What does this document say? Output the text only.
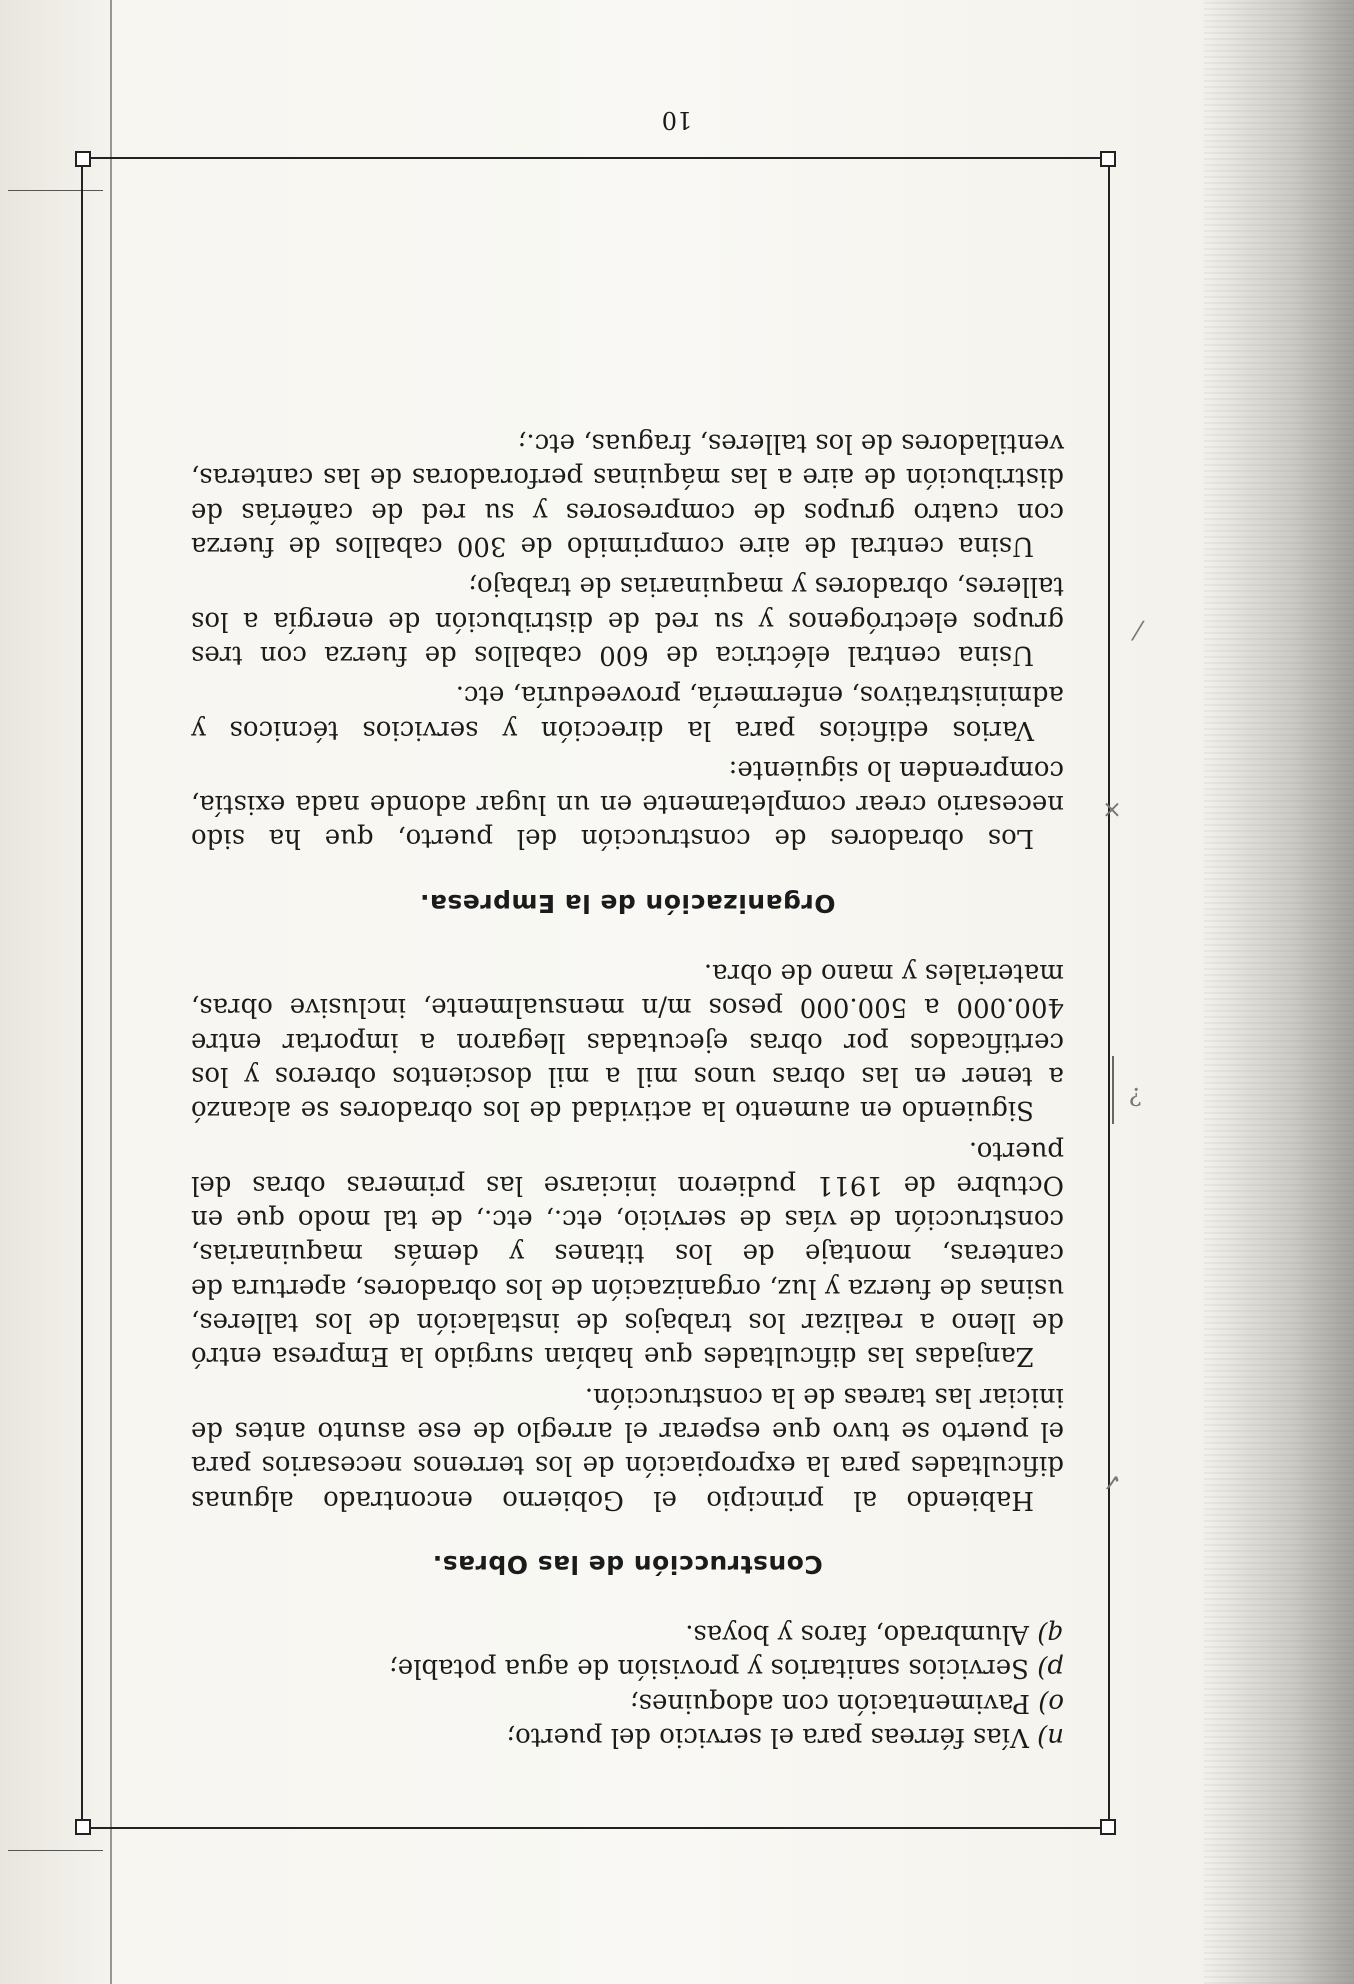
n) Vías férreas para el servicio del puerto;

o) Pavimentación con adoquines;

p) Servicios sanitarios y provisión de agua potable;

q) Alumbrado, faros y boyas.

Construcción de las Obras.

Habiendo al principio el Gobierno encontrado algunas dificultades para la expropiación de los terrenos necesarios para el puerto se tuvo que esperar el arreglo de ese asunto antes de iniciar las tareas de la construcción.

Zanjadas las dificultades que habían surgido la Empresa entró de lleno a realizar los trabajos de instalación de los talleres, usinas de fuerza y luz, organización de los obradores, apertura de canteras, montaje de los titanes y demás maquinarias, construcción de vías de servicio, etc., etc., de tal modo que en Octubre de 1911 pudieron iniciarse las primeras obras del puerto.

Siguiendo en aumento la actividad de los obradores se alcanzó a tener en las obras unos mil a mil doscientos obreros y los certificados por obras ejecutadas llegaron a importar entre 400.000 a 500.000 pesos m/n mensualmente, inclusive obras, materiales y mano de obra.

Organización de la Empresa.

Los obradores de construcción del puerto, que ha sido necesario crear completamente en un lugar adonde nada existía, comprenden lo siguiente:

Varios edificios para la dirección y servicios técnicos y administrativos, enfermería, proveeduría, etc.

Usina central eléctrica de 600 caballos de fuerza con tres grupos electrógenos y su red de distribución de energía a los talleres, obradores y maquinarias de trabajo;

Usina central de aire comprimido de 300 caballos de fuerza con cuatro grupos de compresores y su red de cañerías de distribución de aire a las máquinas perforadoras de las canteras, ventiladores de los talleres, fraguas, etc.;

✓
?
×
⁄
10
